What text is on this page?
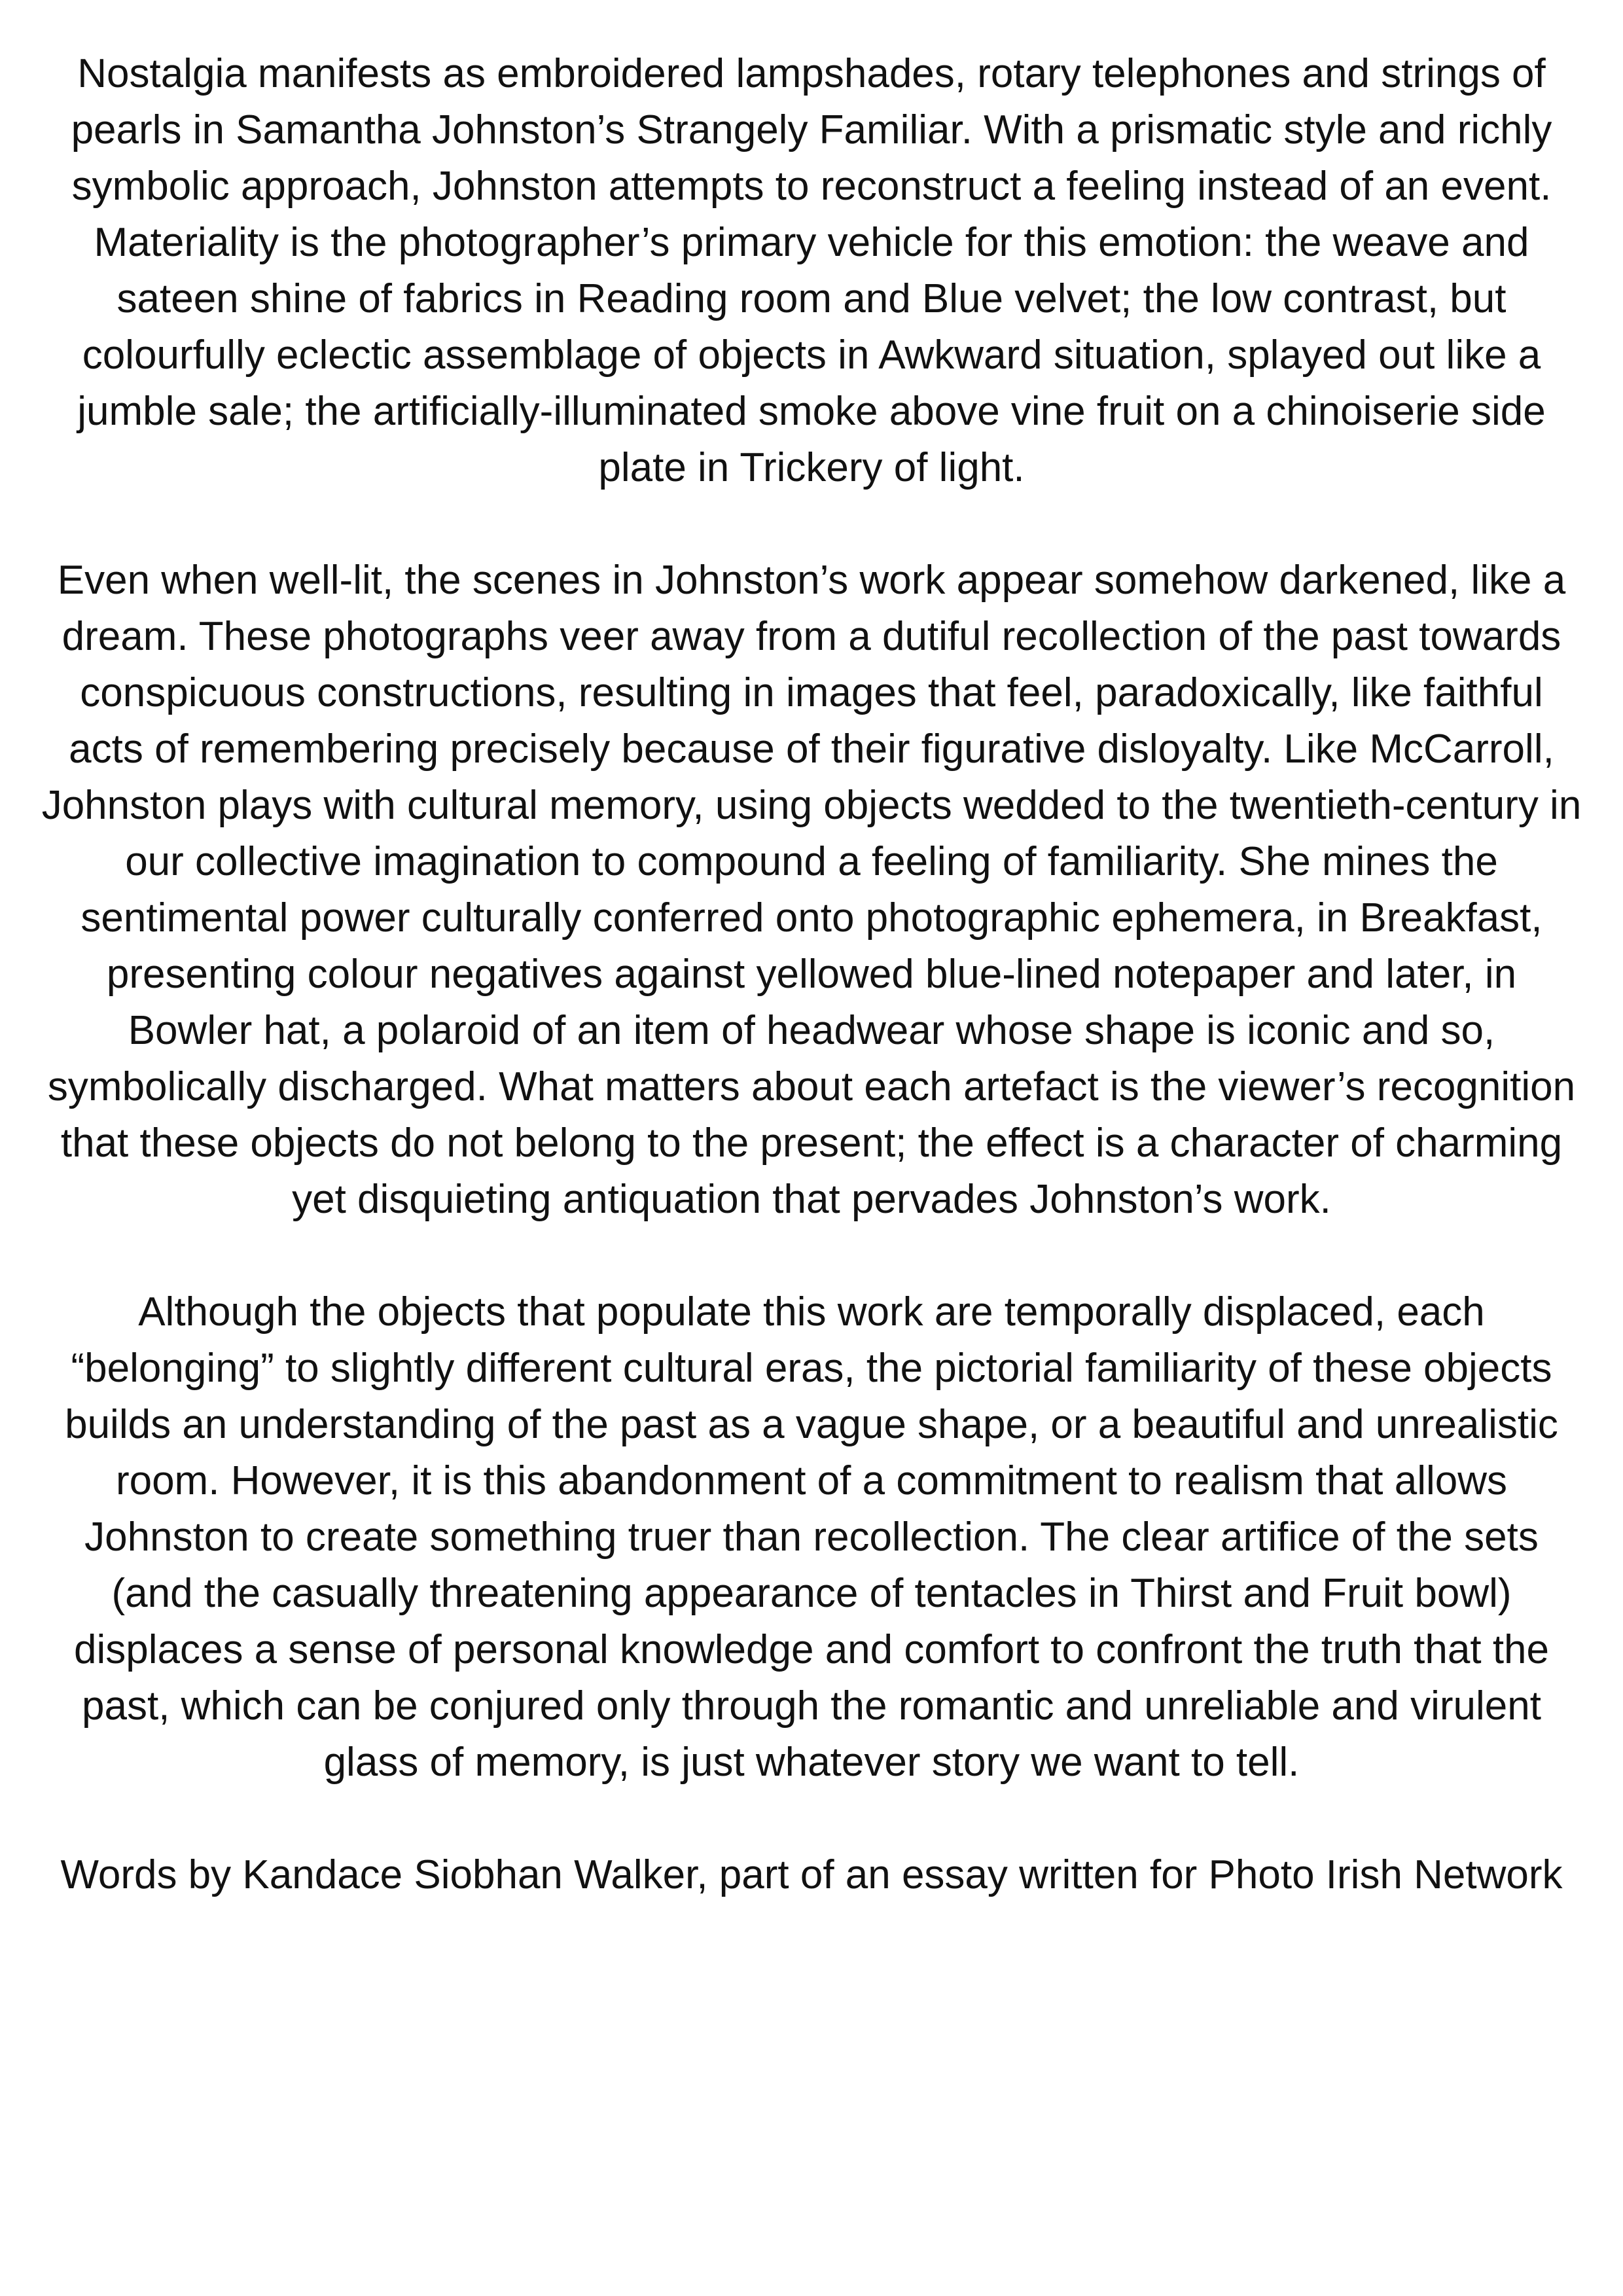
Nostalgia manifests as embroidered lampshades, rotary telephones and strings of pearls in Samantha Johnston’s Strangely Familiar. With a prismatic style and richly symbolic approach, Johnston attempts to reconstruct a feeling instead of an event. Materiality is the photographer’s primary vehicle for this emotion: the weave and sateen shine of fabrics in Reading room and Blue velvet; the low contrast, but colourfully eclectic assemblage of objects in Awkward situation, splayed out like a jumble sale; the artificially-illuminated smoke above vine fruit on a chinoiserie side plate in Trickery of light.

Even when well-lit, the scenes in Johnston’s work appear somehow darkened, like a dream. These photographs veer away from a dutiful recollection of the past towards conspicuous constructions, resulting in images that feel, paradoxically, like faithful acts of remembering precisely because of their figurative disloyalty. Like McCarroll, Johnston plays with cultural memory, using objects wedded to the twentieth-century in our collective imagination to compound a feeling of familiarity. She mines the sentimental power culturally conferred onto photographic ephemera, in Breakfast, presenting colour negatives against yellowed blue-lined notepaper and later, in Bowler hat, a polaroid of an item of headwear whose shape is iconic and so, symbolically discharged. What matters about each artefact is the viewer’s recognition that these objects do not belong to the present; the effect is a character of charming yet disquieting antiquation that pervades Johnston’s work.

Although the objects that populate this work are temporally displaced, each “belonging” to slightly different cultural eras, the pictorial familiarity of these objects builds an understanding of the past as a vague shape, or a beautiful and unrealistic room. However, it is this abandonment of a commitment to realism that allows Johnston to create something truer than recollection. The clear artifice of the sets (and the casually threatening appearance of tentacles in Thirst and Fruit bowl) displaces a sense of personal knowledge and comfort to confront the truth that the past, which can be conjured only through the romantic and unreliable and virulent glass of memory, is just whatever story we want to tell.

Words by Kandace Siobhan Walker, part of an essay written for Photo Irish Network
